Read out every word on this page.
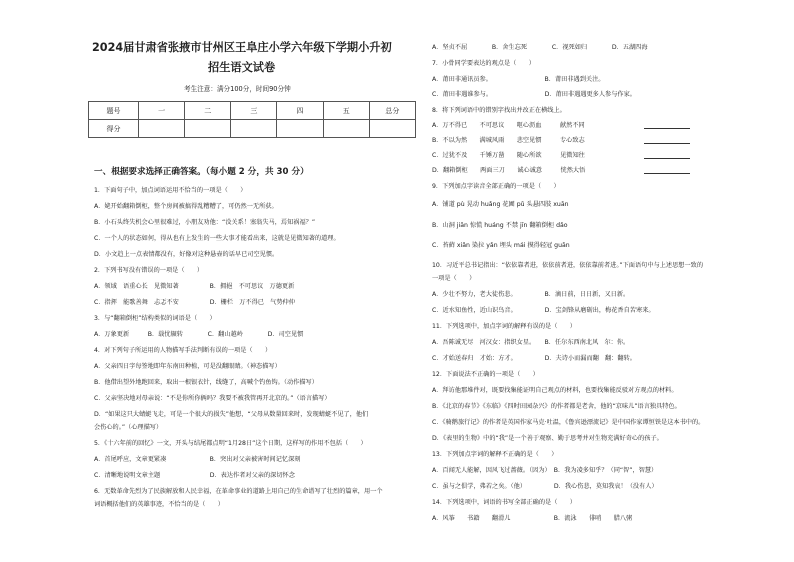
2024届甘肃省张掖市甘州区王阜庄小学六年级下学期小升初
招生语文试卷
考生注意：满分100分，时间90分钟
题号	一	二	三	四	五	总分
得分						
一、根据要求选择正确答案。（每小题 2 分，共 30 分）
1．下面句子中，加点词语运用不恰当的一项是（　　）
A．姥开始翻箱倒柜，整个房间被搞得乱糟糟了，可仍然一无所获。
B．小石头终失机会心里很难过，小朋友劝他：“没关系！塞翁失马，焉知祸福？”
C．一个人的状态如何，得从也有上发生的一些大事才能看出来，这就是见微知著的道理。
D．小文趋上一点表情都没有，好像对这种悬壶的话早已司空见惯。
2．下列书写没有错误的一项是（　　）
A．领域　语重心长　见微知著　　　　　B．拥挹　不可思议　万德更新
C．指挥　能歌善舞　忐忑不安　　　　　D．栅栏　万不得已　气势仲仲
3．与“翻箱倒柜”结构类似的词语是（　　）
A．万象更新　　　B．载忧辗转　　　　C．翻山越岭　　　　D．司空见惯
4．对下列句子所运用的人物描写手法判断有误的一项是（　　）
A．父亲四日字每签地即年东南田种植，可是没翻眼睛。（神态描写）
B．他借出望外地跑回来，取出一根银衣针，线缝了，高喊个钓鱼钩。（动作描写）
C．父亲坚决地对母亲说：“不是你所你俩吗？我要不被我管再开北京的。”（语言描写）
D．“如果这只大蜻蜓飞走，可是一个很大的损失”他想，“父母从数量回来时，发现蜻蜓不见了，他们
会伤心的。”（心理描写）
5．《十六年前的回忆》一文，开头与结尾都点明“1月28日”这个日期，这样写的作用不包括（　　）
A．首尾呼应，文章更紧凑　　　　　　　B．突出对父亲被害时间记忆深刻
C．清晰地说明文章主题　　　　　　　　D．表达作者对父亲的深切怀念
6．无数革命先烈为了民族解放和人民幸福，在革命事业的道路上用自己的生命谱写了壮烈的篇章，用一个
词语概括他们的英雄事迹，不恰当的是（　　）
A．坚贞不屈　　　　B．舍生忘死　　　　C．视死如归　　　　D．五湖四海
7．小骨同学要表达的观点是（　　）
A．莆田非通讯员参。　　　　　　　　　B．莆田非遇到关注。
C．莆田非遇谁参与。　　　　　　　　　D．莆田非遇遇更多人参与作家。
8．将下列词语中的错别字找出并改正在横线上。
A．万不得已　　不可思议　　呕心沥血　　　献然不同
B．不以为然　　满城风雨　　悲空见惯　　　专心致志
C．过犹不及　　千锤万凿　　随心所欲　　　见微知往
D．翻箱倒柜　　两面三刀　　诚心诚意　　　恍然大悟
9．下列加点字读音全部正确的一项是（　　）
A．铺道 pù 晃动 huǎng 花圃 pǔ 头悬四肢 xuān
B．山洞 jiān 惊慌 huáng 不禁 jīn 翻箱倒柜 dǎo
C．苔藓 xiǎn 染拉 yǎn 埋头 mái 摸得轻冠 guān
10．习近平总书记指出：“依依靠者进，依依前者进，依依靠前者进。”下面语句中与上述思想一致的
一项是（　　）
A．少壮不努力，老大徒伤悲。　　　　　B．滴日前，日日新，又日新。
C．近水知鱼性，近山识鸟音。　　　　　D．宝剑锋从磨砺出，梅花香自苦寒来。
11．下列选项中，加点字词的解释有误的是（　　）
A．吾陈诚无尽　河汉女：指织女星。　　B．任尔东西南北风　尔：你。
C．才始送春归　才始：方才。　　　　　D．夫诗小而漏而翻　翻：翻转。
12．下面说法不正确的一项是（　　）
A．拜访他那堆件对，既要找集能证明自己观点的材料，也要找集能反驳对方观点的材料。
B．《北京的春节》《东临》《四时田园杂兴》的作者都是老舍，他的“京味儿”语言独具特色。
C．《骑鹅旅行记》的作者是英国作家马克·吐温，《鲁宾逊漂流记》是中国作家谭恒铁是这本书中的。
D．《表里的生物》中的“我”是一个善于观察、勤于思考并对生物充满好奇心的孩子。
13．下列加点字词的解释不正确的是（　　）
A．百闻无人能解，因风飞过蔷薇。（因为）　B．我为凌多知乎？（同“智”，智慧）
C．虽与之俱学，弗若之矣。（他）　　　　　D．我心伤悲，莫知我哀！（没有人）
14．下列选项中，词语的书写全部正确的是（　　）
A．风筝　　书籍　　翻滑儿　　　　　　　B．流泳　　俳哨　　腊八粥
